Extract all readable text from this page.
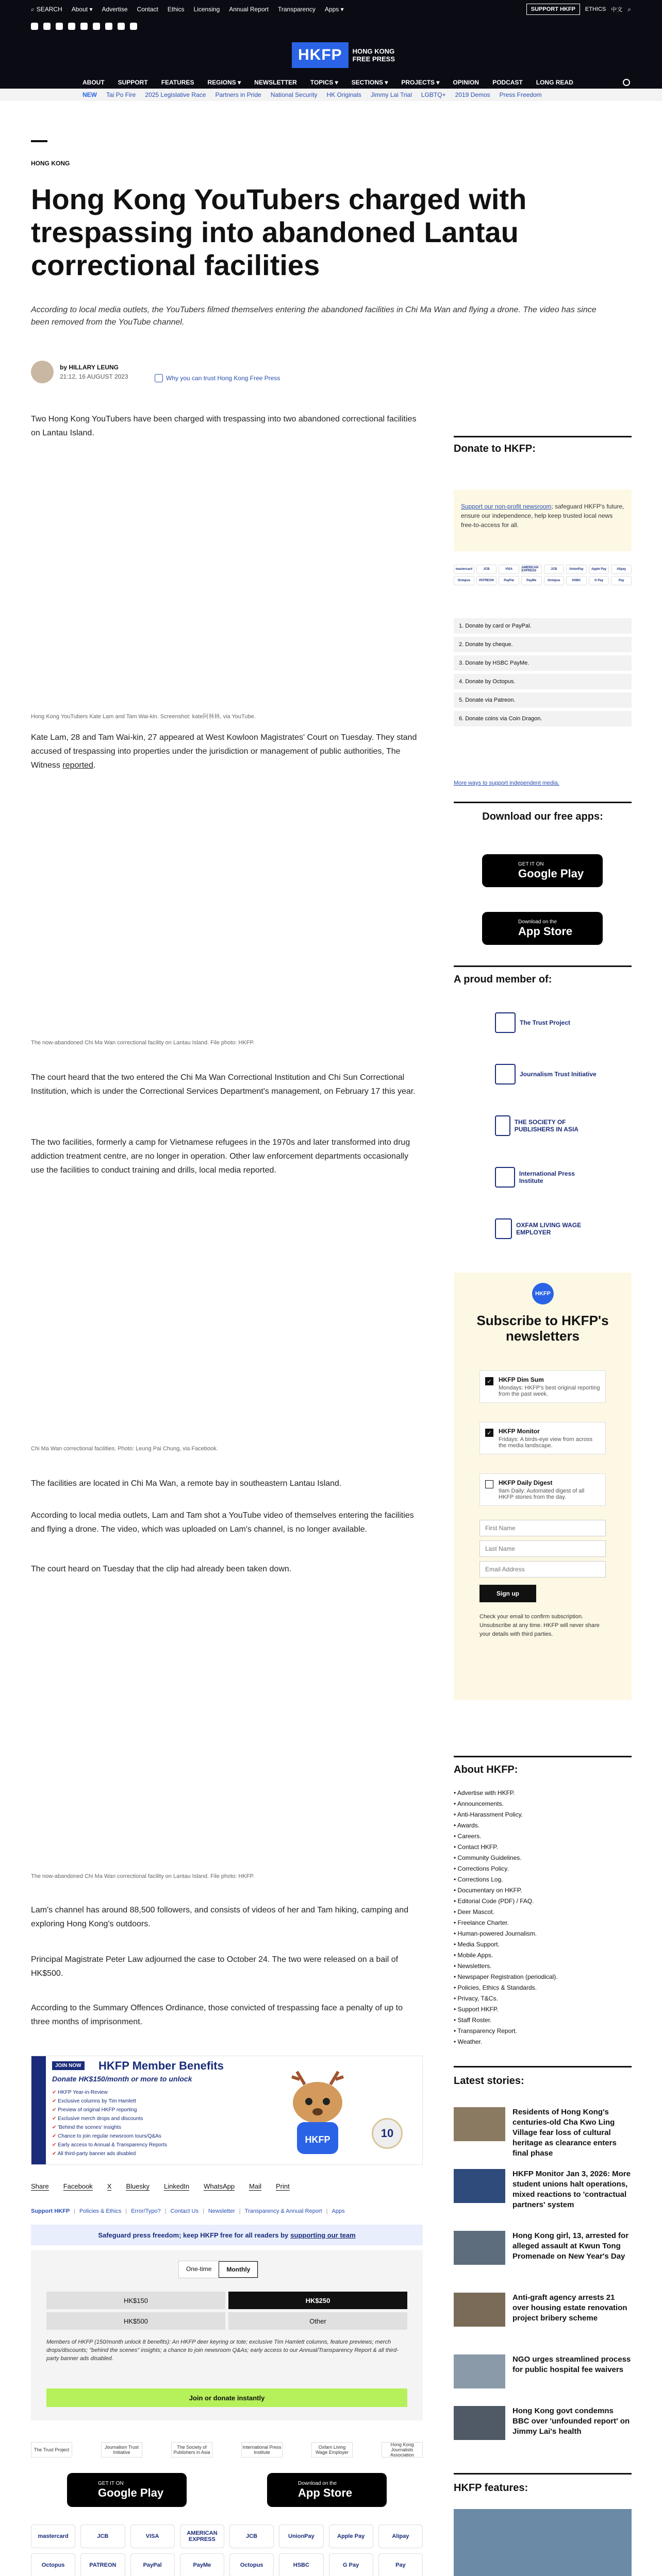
⌕ SEARCH About ▾ Advertise Contact Ethics Licensing Annual Report Transparency Apps ▾	SUPPORT HKFP	ETHICS 中文 ⌕
HKFP	HONG KONG
FREE PRESS
ABOUT SUPPORT FEATURES REGIONS ▾ NEWSLETTER TOPICS ▾ SECTIONS ▾ PROJECTS ▾ OPINION PODCAST LONG READ
NEW Tai Po Fire 2025 Legislative Race Partners in Pride National Security HK Originals Jimmy Lai Trial LGBTQ+ 2019 Demos Press Freedom
HONG KONG
Hong Kong YouTubers charged with trespassing into abandoned Lantau correctional facilities

According to local media outlets, the YouTubers filmed themselves entering the abandoned facilities in Chi Ma Wan and flying a drone. The video has since been removed from the YouTube channel.

by HILLARY LEUNG
21:12, 16 AUGUST 2023	Why you can trust Hong Kong Free Press

Two Hong Kong YouTubers have been charged with trespassing into two abandoned correctional facilities on Lantau Island.

Hong Kong YouTubers Kate Lam and Tam Wai-kin. Screenshot: kate阿林林, via YouTube.

Kate Lam, 28 and Tam Wai-kin, 27 appeared at West Kowloon Magistrates' Court on Tuesday. They stand accused of trespassing into properties under the jurisdiction or management of public authorities, The Witness reported.

The now-abandoned Chi Ma Wan correctional facility on Lantau Island. File photo: HKFP.

The court heard that the two entered the Chi Ma Wan Correctional Institution and Chi Sun Correctional Institution, which is under the Correctional Services Department's management, on February 17 this year.

The two facilities, formerly a camp for Vietnamese refugees in the 1970s and later transformed into drug addiction treatment centre, are no longer in operation. Other law enforcement departments occasionally use the facilities to conduct training and drills, local media reported.

Chi Ma Wan correctional facilities. Photo: Leung Pai Chung, via Facebook.

The facilities are located in Chi Ma Wan, a remote bay in southeastern Lantau Island.

According to local media outlets, Lam and Tam shot a YouTube video of themselves entering the facilities and flying a drone. The video, which was uploaded on Lam's channel, is no longer available.

The court heard on Tuesday that the clip had already been taken down.

The now-abandoned Chi Ma Wan correctional facility on Lantau Island. File photo: HKFP.

Lam's channel has around 88,500 followers, and consists of videos of her and Tam hiking, camping and exploring Hong Kong's outdoors.

Principal Magistrate Peter Law adjourned the case to October 24. The two were released on a bail of HK$500.

According to the Summary Offences Ordinance, those convicted of trespassing face a penalty of up to three months of imprisonment.

JOIN NOW HKFP Member Benefits
Donate HK$150/month or more to unlock
✔ HKFP Year-in-Review
✔ Exclusive columns by Tim Hamlett
✔ Preview of original HKFP reporting
✔ Exclusive merch drops and discounts
✔ 'Behind the scenes' insights
✔ Chance to join regular newsroom tours/Q&As
✔ Early access to Annual & Transparency Reports
✔ All third-party banner ads disabled
HKFP	10
Share Facebook X Bluesky LinkedIn WhatsApp Mail Print
Support HKFP | Policies & Ethics | Error/Typo? | Contact Us | Newsletter | Transparency & Annual Report | Apps
Safeguard press freedom; keep HKFP free for all readers by supporting our team
One-time	Monthly
HK$150	HK$250
HK$500	Other

Members of HKFP (150/month unlock 8 benefits): An HKFP deer keyring or tote; exclusive Tim Hamlett columns, feature previews; merch drops/discounts; "behind the scenes" insights; a chance to join newsroom Q&As; early access to our Annual/Transparency Report & all third-party banner ads disabled.

Join or donate instantly
The Trust Project	Journalism Trust Initiative
The Society of Publishers in Asia
International Press Institute
Oxfam Living Wage Employer
Hong Kong Journalists Association
GET IT ON
Google Play
Download on the
App Store
mastercard	JCB	VISA	AMERICAN EXPRESS	JCB	UnionPay	Apple Pay	Alipay
Octopus	PATREON	PayPal	PayMe	Octopus	HSBC	G Pay	Pay

Donate to HKFP:
Support our non-profit newsroom; safeguard HKFP's future, ensure our independence, help keep trusted local news free-to-access for all.
mastercard	JCB	VISA	AMERICAN EXPRESS	JCB	UnionPay	Apple Pay	Alipay
Octopus	PATREON	PayPal	PayMe	Octopus	HSBC	G Pay	Pay
1. Donate by card or PayPal.
2. Donate by cheque.
3. Donate by HSBC PayMe.
4. Donate by Octopus.
5. Donate via Patreon.
6. Donate coins via Coin Dragon.
More ways to support independent media.
Download our free apps:
GET IT ON
Google Play
Download on the
App Store
A proud member of:
The Trust Project
Journalism Trust Initiative
THE SOCIETY OF PUBLISHERS IN ASIA
International Press Institute
OXFAM LIVING WAGE EMPLOYER
HKFP
Subscribe to HKFP's newsletters
✓ HKFP Dim Sum
Mondays: HKFP's best original reporting from the past week.
✓ HKFP Monitor
Fridays: A birds-eye view from across the media landscape.
HKFP Daily Digest
9am Daily: Automated digest of all HKFP stories from the day.
First Name
Last Name
Email Address
Sign up

Check your email to confirm subscription. Unsubscribe at any time. HKFP will never share your details with third parties.

About HKFP:
• Advertise with HKFP.
• Announcements.
• Anti-Harassment Policy.
• Awards.
• Careers.
• Contact HKFP.
• Community Guidelines.
• Corrections Policy.
• Corrections Log.
• Documentary on HKFP.
• Editorial Code (PDF) / FAQ.
• Deer Mascot.
• Freelance Charter.
• Human-powered Journalism.
• Media Support.
• Mobile Apps.
• Newsletters.
• Newspaper Registration (periodical).
• Policies, Ethics & Standards.
• Privacy, T&Cs.
• Support HKFP.
• Staff Roster.
• Transparency Report.
• Weather.
Latest stories:
Residents of Hong Kong's centuries-old Cha Kwo Ling Village fear loss of cultural heritage as clearance enters final phase
HKFP Monitor Jan 3, 2026: More student unions halt operations, mixed reactions to 'contractual partners' system
Hong Kong girl, 13, arrested for alleged assault at Kwun Tong Promenade on New Year's Day
Anti-graft agency arrests 21 over housing estate renovation project bribery scheme
NGO urges streamlined process for public hospital fee waivers
Hong Kong govt condemns BBC over 'unfounded report' on Jimmy Lai's health
HKFP features:
